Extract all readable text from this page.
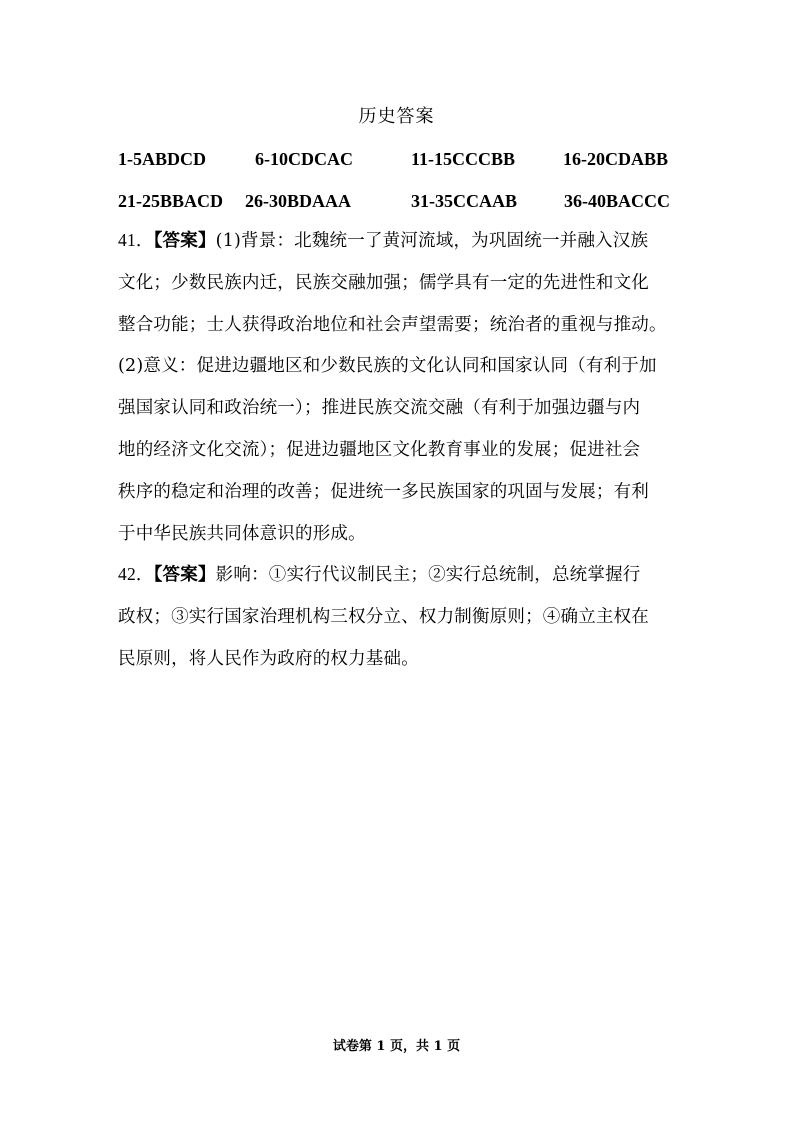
历史答案
1-5ABDCD	6-10CDCAC	11-15CCCBB	16-20CDABB
21-25BBACD 26-30BDAAA	31-35CCAAB	36-40BACCC
41．【答案】(1)背景：北魏统一了黄河流域，为巩固统一并融入汉族
文化；少数民族内迁，民族交融加强；儒学具有一定的先进性和文化
整合功能；士人获得政治地位和社会声望需要；统治者的重视与推动。
(2)意义：促进边疆地区和少数民族的文化认同和国家认同（有利于加
强国家认同和政治统一）；推进民族交流交融（有利于加强边疆与内
地的经济文化交流）；促进边疆地区文化教育事业的发展；促进社会
秩序的稳定和治理的改善；促进统一多民族国家的巩固与发展；有利
于中华民族共同体意识的形成。
42．【答案】影响：①实行代议制民主；②实行总统制，总统掌握行
政权；③实行国家治理机构三权分立、权力制衡原则；④确立主权在
民原则，将人民作为政府的权力基础。
试卷第 1 页，共 1 页
